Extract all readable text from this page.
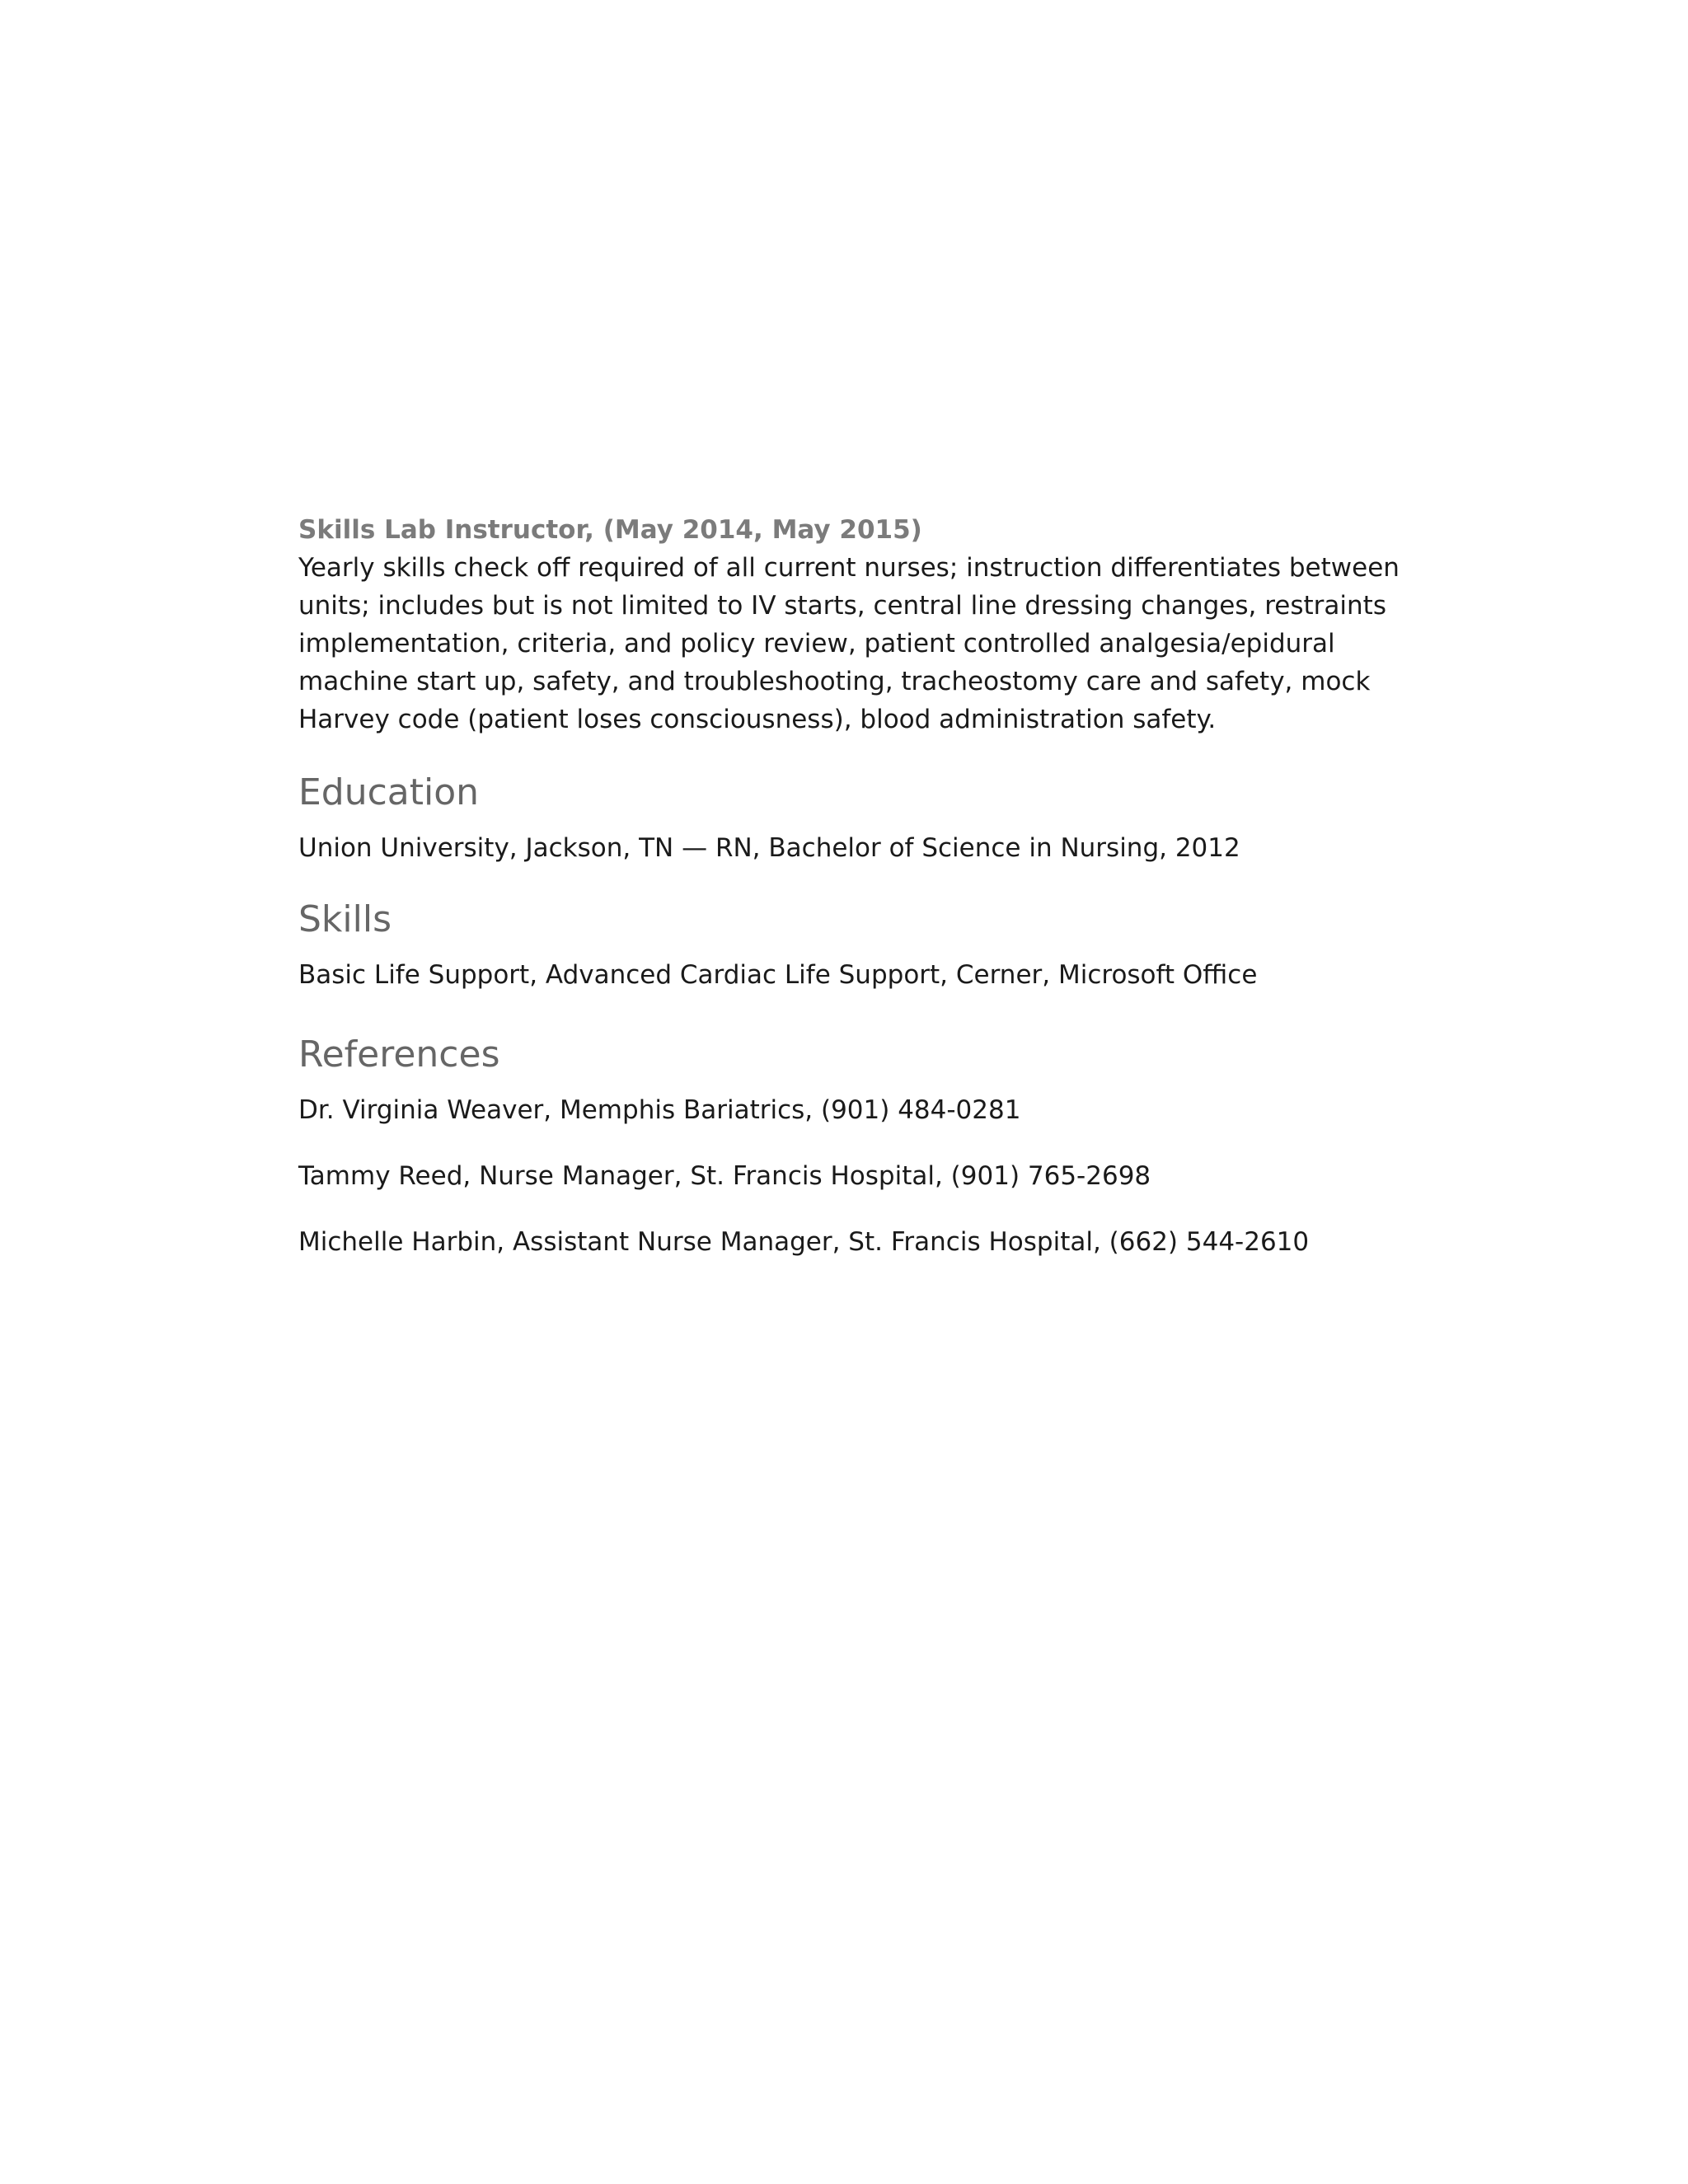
Skills Lab Instructor, (May 2014, May 2015)

Yearly skills check off required of all current nurses; instruction differentiates between units; includes but is not limited to IV starts, central line dressing changes, restraints implementation, criteria, and policy review, patient controlled analgesia/epidural machine start up, safety, and troubleshooting, tracheostomy care and safety, mock Harvey code (patient loses consciousness), blood administration safety.

Education

Union University, Jackson, TN — RN, Bachelor of Science in Nursing, 2012

Skills

Basic Life Support, Advanced Cardiac Life Support, Cerner, Microsoft Office

References

Dr. Virginia Weaver, Memphis Bariatrics, (901) 484-0281

Tammy Reed, Nurse Manager, St. Francis Hospital, (901) 765-2698

Michelle Harbin, Assistant Nurse Manager, St. Francis Hospital, (662) 544-2610
